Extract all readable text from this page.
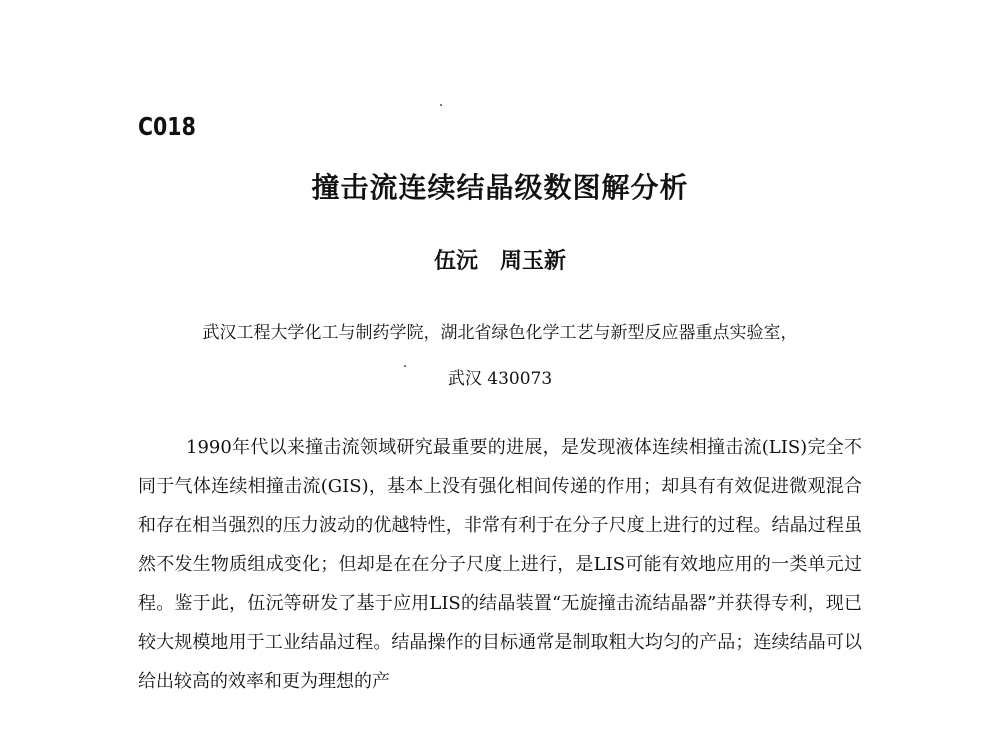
C018
撞击流连续结晶级数图解分析
伍沅　周玉新
武汉工程大学化工与制药学院，湖北省绿色化学工艺与新型反应器重点实验室，
武汉 430073

1990年代以来撞击流领域研究最重要的进展，是发现液体连续相撞击流(LIS)完全不同于气体连续相撞击流(GIS)，基本上没有强化相间传递的作用；却具有有效促进微观混合和存在相当强烈的压力波动的优越特性，非常有利于在分子尺度上进行的过程。结晶过程虽然不发生物质组成变化；但却是在在分子尺度上进行，是LIS可能有效地应用的一类单元过程。鉴于此，伍沅等研发了基于应用LIS的结晶装置“无旋撞击流结晶器”并获得专利，现已较大规模地用于工业结晶过程。结晶操作的目标通常是制取粗大均匀的产品；连续结晶可以给出较高的效率和更为理想的产
